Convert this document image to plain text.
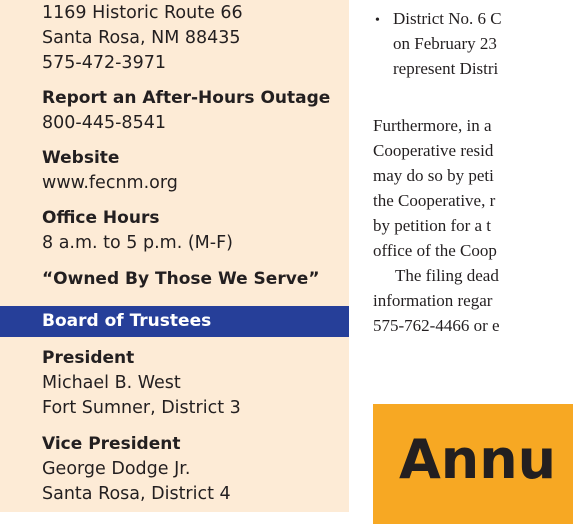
1169 Historic Route 66
Santa Rosa, NM 88435
575-472-3971
Report an After-Hours Outage
800-445-8541
Website
www.fecnm.org
Office Hours
8 a.m. to 5 p.m. (M-F)
“Owned By Those We Serve”
Board of Trustees
President
Michael B. West
Fort Sumner, District 3
Vice President
George Dodge Jr.
Santa Rosa, District 4
• District No. 6 C
on February 23
represent Distri
Furthermore, in a
Cooperative resid
may do so by peti
the Cooperative, r
by petition for a t
office of the Coop
The filing dead
information regar
575-762-4466 or e
Annu
